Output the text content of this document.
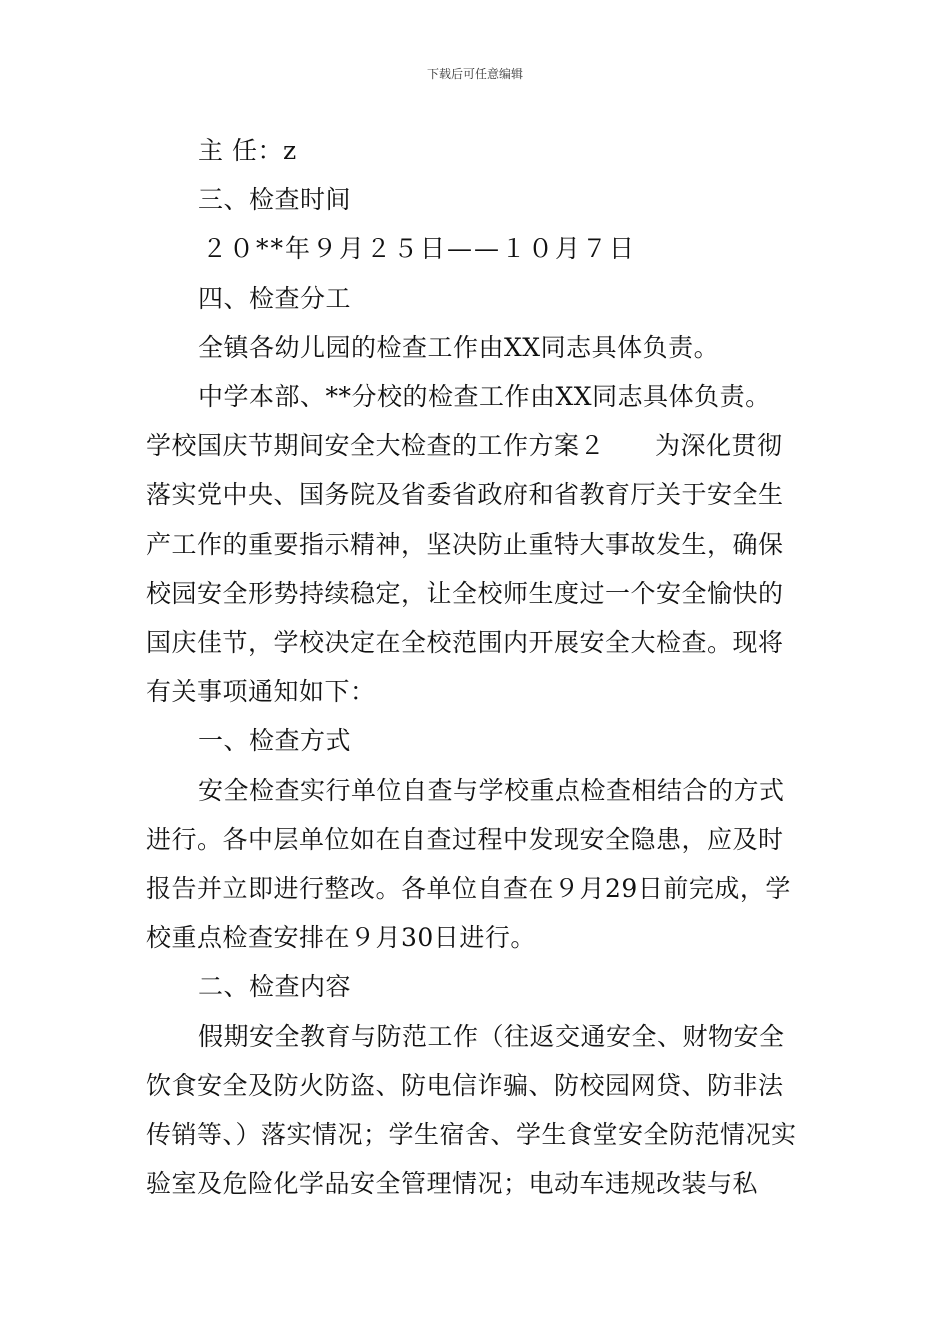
下载后可任意编辑

主 任：z

三、检查时间

２０**年９月２５日——１０月７日

四、检查分工

全镇各幼儿园的检查工作由XX同志具体负责。

中学本部、**分校的检查工作由XX同志具体负责。

学校国庆节期间安全大检查的工作方案２ 为深化贯彻落实党中央、国务院及省委省政府和省教育厅关于安全生产工作的重要指示精神，坚决防止重特大事故发生，确保校园安全形势持续稳定，让全校师生度过一个安全愉快的国庆佳节，学校决定在全校范围内开展安全大检查。现将有关事项通知如下：

一、检查方式

安全检查实行单位自查与学校重点检查相结合的方式进行。各中层单位如在自查过程中发现安全隐患，应及时报告并立即进行整改。各单位自查在９月29日前完成，学校重点检查安排在９月30日进行。

二、检查内容

假期安全教育与防范工作（往返交通安全、财物安全饮食安全及防火防盗、防电信诈骗、防校园网贷、防非法传销等、）落实情况；学生宿舍、学生食堂安全防范情况实验室及危险化学品安全管理情况；电动车违规改装与私
